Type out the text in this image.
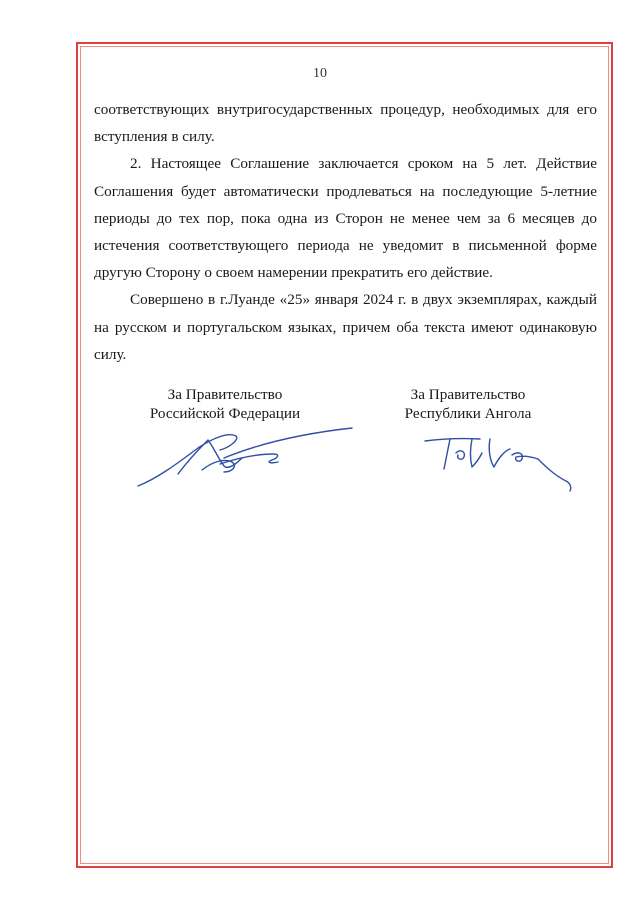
10

соответствующих внутригосударственных процедур, необходимых для его вступления в силу.

2. Настоящее Соглашение заключается сроком на 5 лет. Действие Соглашения будет автоматически продлеваться на последующие 5-летние периоды до тех пор, пока одна из Сторон не менее чем за 6 месяцев до истечения соответствующего периода не уведомит в письменной форме другую Сторону о своем намерении прекратить его действие.

Совершено в г.Луанде «25» января 2024 г. в двух экземплярах, каждый на русском и португальском языках, причем оба текста имеют одинаковую силу.

За Правительство
Российской Федерации
За Правительство
Республики Ангола
